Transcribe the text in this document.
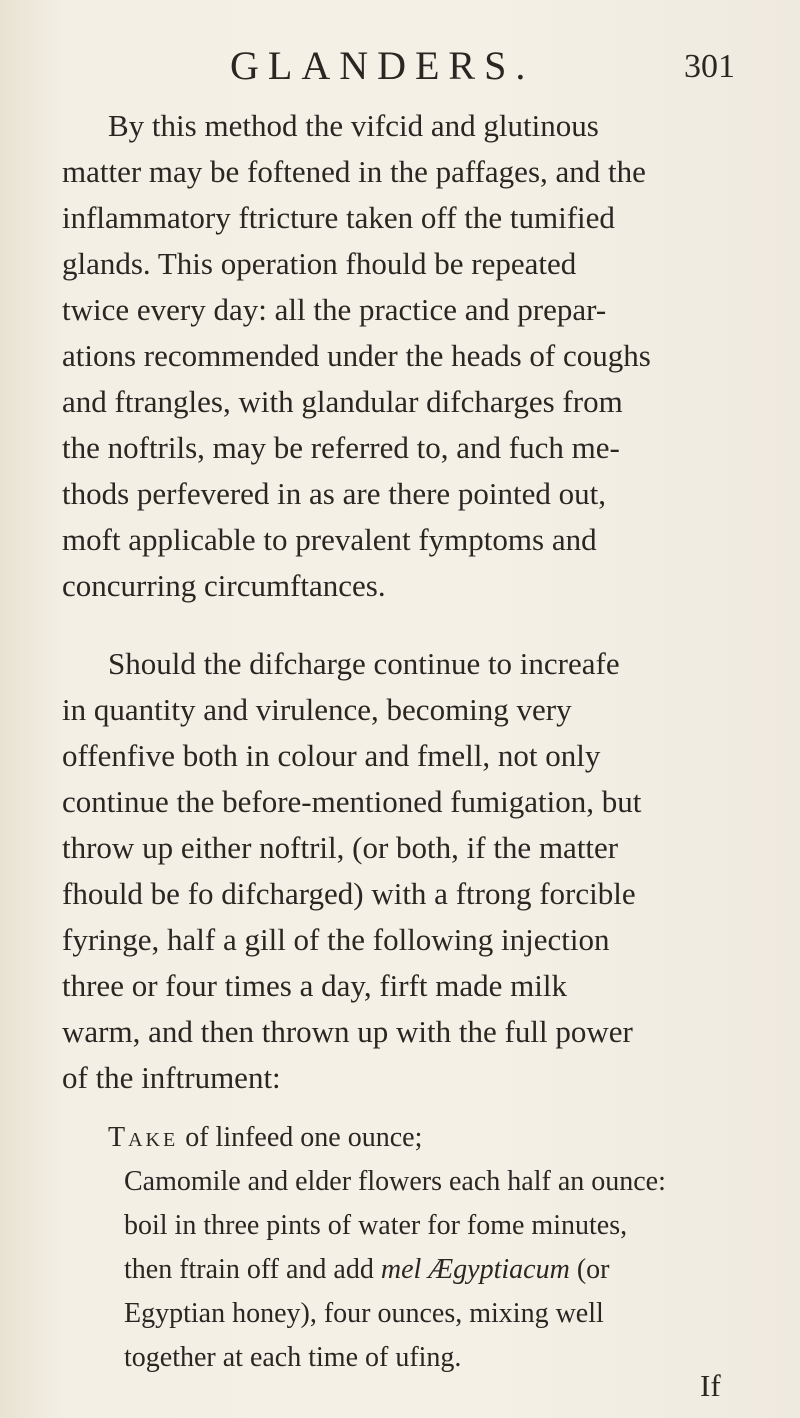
GLANDERS.	301
By this method the vifcid and glutinous
matter may be foftened in the paffages, and the
inflammatory ftricture taken off the tumified
glands. This operation fhould be repeated
twice every day: all the practice and prepar-
ations recommended under the heads of coughs
and ftrangles, with glandular difcharges from
the noftrils, may be referred to, and fuch me-
thods perfevered in as are there pointed out,
moft applicable to prevalent fymptoms and
concurring circumftances.
Should the difcharge continue to increafe
in quantity and virulence, becoming very
offenfive both in colour and fmell, not only
continue the before-mentioned fumigation, but
throw up either noftril, (or both, if the matter
fhould be fo difcharged) with a ftrong forcible
fyringe, half a gill of the following injection
three or four times a day, firft made milk
warm, and then thrown up with the full power
of the inftrument:
Take of linfeed one ounce;
Camomile and elder flowers each half an ounce:
boil in three pints of water for fome minutes,
then ftrain off and add mel Ægyptiacum (or
Egyptian honey), four ounces, mixing well
together at each time of ufing.
If
